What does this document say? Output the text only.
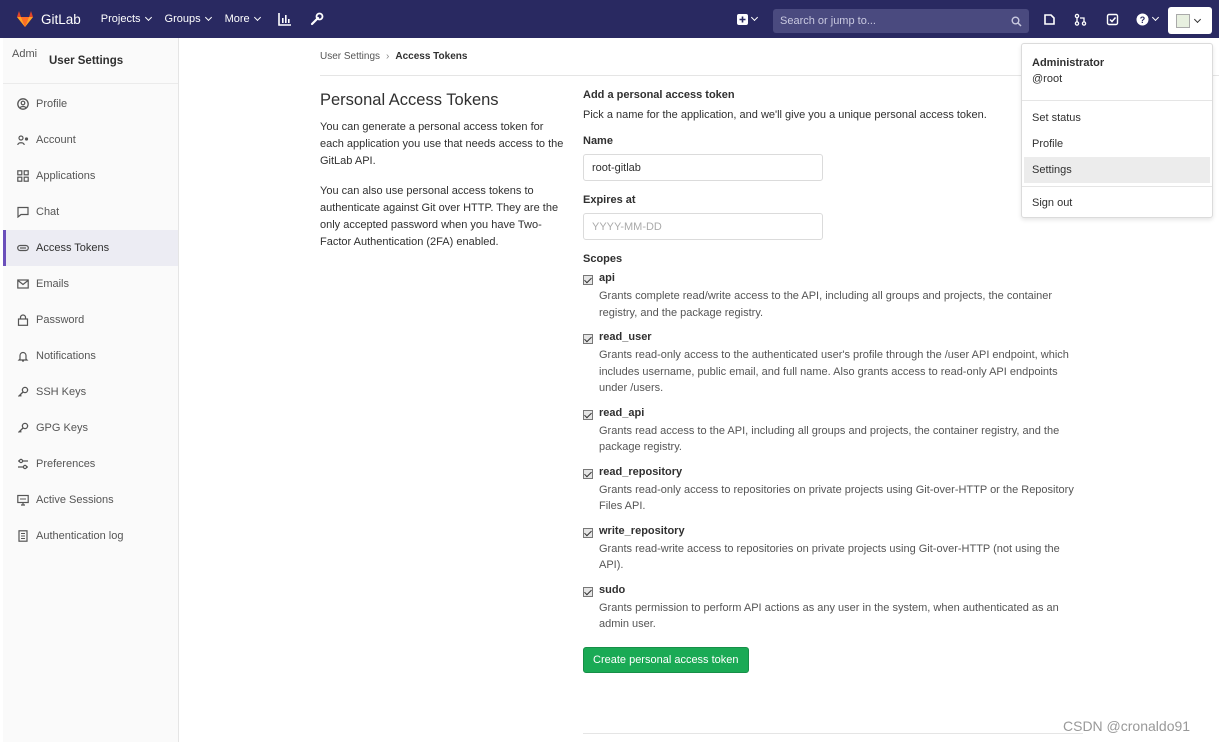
GitLab Projects Groups More	Search or jump to...	?
Admi
User Settings
Profile
Account
Applications
Chat
Access Tokens
Emails
Password
Notifications
SSH Keys
GPG Keys
Preferences
Active Sessions
Authentication log
User Settings › Access Tokens
Personal Access Tokens

You can generate a personal access token for each application you use that needs access to the GitLab API.

You can also use personal access tokens to authenticate against Git over HTTP. They are the only accepted password when you have Two-Factor Authentication (2FA) enabled.

Add a personal access token
Pick a name for the application, and we'll give you a unique personal access token.
Name
root-gitlab
Expires at
YYYY-MM-DD
Scopes
api
Grants complete read/write access to the API, including all groups and projects, the container registry, and the package registry.
read_user
Grants read-only access to the authenticated user's profile through the /user API endpoint, which includes username, public email, and full name. Also grants access to read-only API endpoints under /users.
read_api
Grants read access to the API, including all groups and projects, the container registry, and the package registry.
read_repository
Grants read-only access to repositories on private projects using Git-over-HTTP or the Repository Files API.
write_repository
Grants read-write access to repositories on private projects using Git-over-HTTP (not using the API).
sudo
Grants permission to perform API actions as any user in the system, when authenticated as an admin user.
Create personal access token
Administrator
@root
Set status
Profile
Settings
Sign out
CSDN @cronaldo91
